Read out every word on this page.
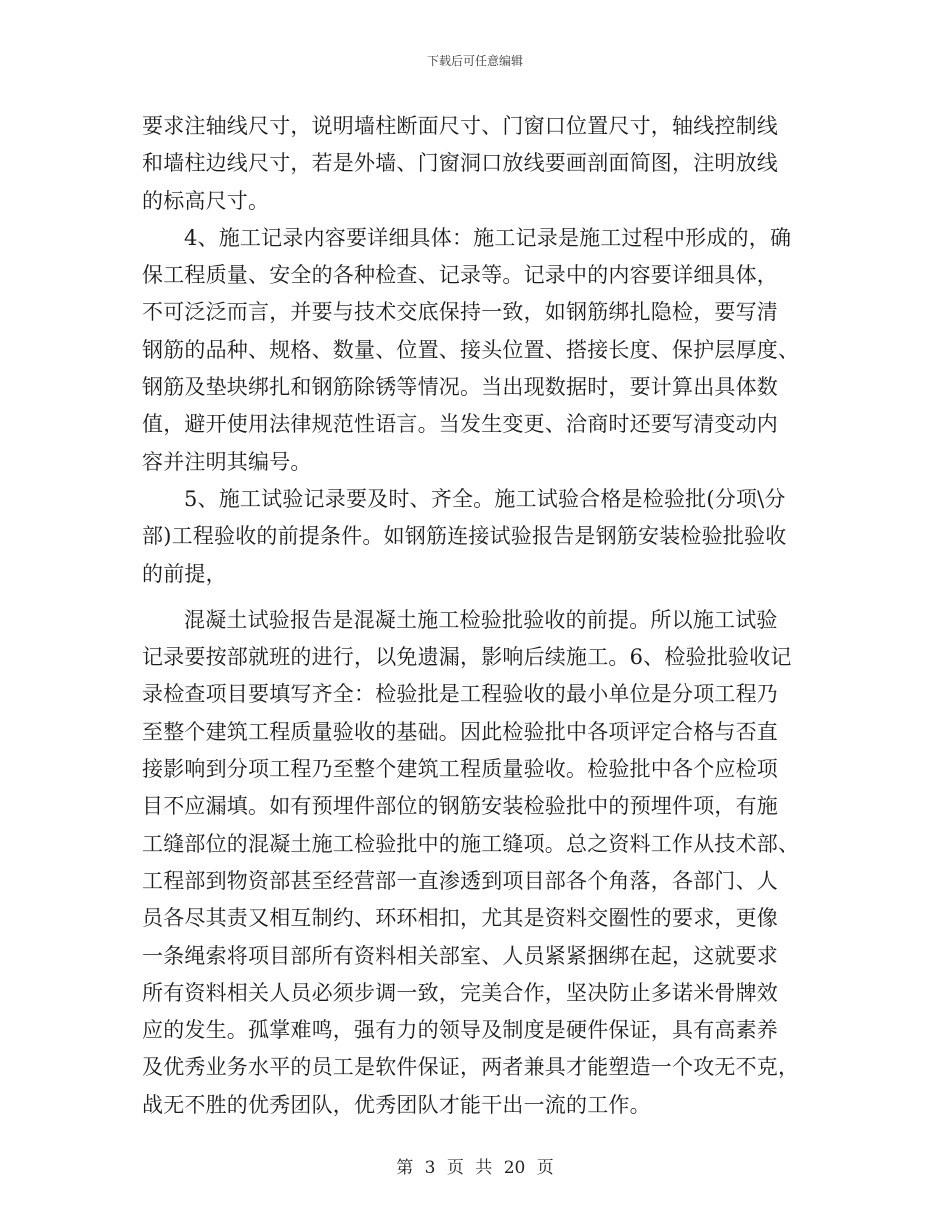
下载后可任意编辑
要求注轴线尺寸，说明墙柱断面尺寸、门窗口位置尺寸，轴线控制线
和墙柱边线尺寸，若是外墙、门窗洞口放线要画剖面简图，注明放线
的标高尺寸。
4、施工记录内容要详细具体：施工记录是施工过程中形成的，确
保工程质量、安全的各种检查、记录等。记录中的内容要详细具体，
不可泛泛而言，并要与技术交底保持一致，如钢筋绑扎隐检，要写清
钢筋的品种、规格、数量、位置、接头位置、搭接长度、保护层厚度、
钢筋及垫块绑扎和钢筋除锈等情况。当出现数据时，要计算出具体数
值，避开使用法律规范性语言。当发生变更、洽商时还要写清变动内
容并注明其编号。
5、施工试验记录要及时、齐全。施工试验合格是检验批(分项\分
部)工程验收的前提条件。如钢筋连接试验报告是钢筋安装检验批验收
的前提，
混凝土试验报告是混凝土施工检验批验收的前提。所以施工试验
记录要按部就班的进行，以免遗漏，影响后续施工。6、检验批验收记
录检查项目要填写齐全：检验批是工程验收的最小单位是分项工程乃
至整个建筑工程质量验收的基础。因此检验批中各项评定合格与否直
接影响到分项工程乃至整个建筑工程质量验收。检验批中各个应检项
目不应漏填。如有预埋件部位的钢筋安装检验批中的预埋件项，有施
工缝部位的混凝土施工检验批中的施工缝项。总之资料工作从技术部、
工程部到物资部甚至经营部一直渗透到项目部各个角落，各部门、人
员各尽其责又相互制约、环环相扣，尤其是资料交圈性的要求，更像
一条绳索将项目部所有资料相关部室、人员紧紧捆绑在起，这就要求
所有资料相关人员必须步调一致，完美合作，坚决防止多诺米骨牌效
应的发生。孤掌难鸣，强有力的领导及制度是硬件保证，具有高素养
及优秀业务水平的员工是软件保证，两者兼具才能塑造一个攻无不克，
战无不胜的优秀团队，优秀团队才能干出一流的工作。
第 3 页 共 20 页
